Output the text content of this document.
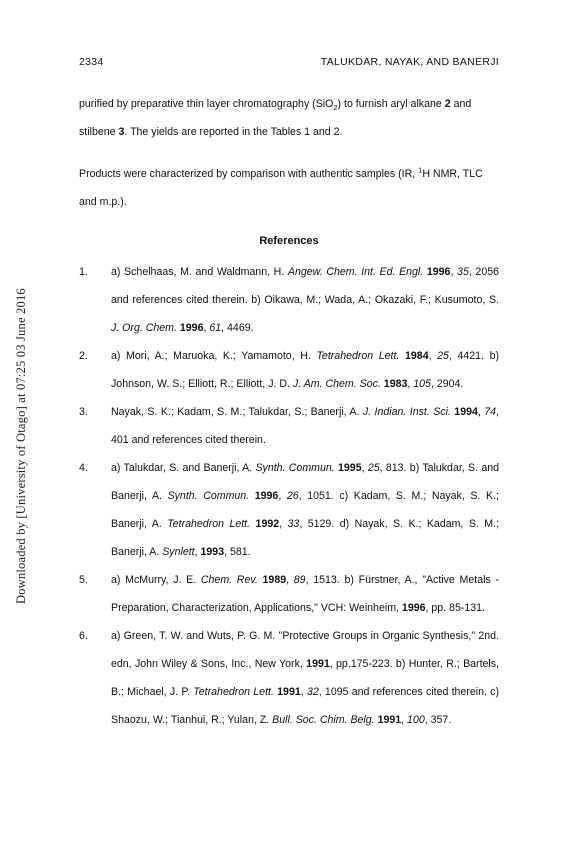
Downloaded by [University of Otago] at 07:25 03 June 2016
2334	TALUKDAR, NAYAK, AND BANERJI

purified by preparative thin layer chromatography (SiO$_2$) to furnish aryl alkane 2 and stilbene 3. The yields are reported in the Tables 1 and 2.

Products were characterized by comparison with authentic samples (IR, $^1$H NMR, TLC and m.p.).

References
1. a) Schelhaas, M. and Waldmann, H. Angew. Chem. Int. Ed. Engl. 1996, 35, 2056 and references cited therein. b) Oikawa, M.; Wada, A.; Okazaki, F.; Kusumoto, S. J. Org. Chem. 1996, 61, 4469.
2. a) Mori, A.; Maruoka, K.; Yamamoto, H. Tetrahedron Lett. 1984, 25, 4421. b) Johnson, W. S.; Elliott, R.; Elliott, J. D. J. Am. Chem. Soc. 1983, 105, 2904.
3. Nayak, S. K.; Kadam, S. M.; Talukdar, S.; Banerji, A. J. Indian. Inst. Sci. 1994, 74, 401 and references cited therein.
4. a) Talukdar, S. and Banerji, A. Synth. Commun. 1995, 25, 813. b) Talukdar, S. and Banerji, A. Synth. Commun. 1996, 26, 1051. c) Kadam, S. M.; Nayak, S. K.; Banerji, A. Tetrahedron Lett. 1992, 33, 5129. d) Nayak, S. K.; Kadam, S. M.; Banerji, A. Synlett, 1993, 581.
5. a) McMurry, J. E. Chem. Rev. 1989, 89, 1513. b) Fürstner, A., "Active Metals - Preparation, Characterization, Applications," VCH: Weinheim, 1996, pp. 85-131.
6. a) Green, T. W. and Wuts, P. G. M. "Protective Groups in Organic Synthesis," 2nd. edn, John Wiley & Sons, Inc., New York, 1991, pp.175-223. b) Hunter, R.; Bartels, B.; Michael, J. P. Tetrahedron Lett. 1991, 32, 1095 and references cited therein. c) Shaozu, W.; Tianhui, R.; Yulan, Z. Bull. Soc. Chim. Belg. 1991, 100, 357.
